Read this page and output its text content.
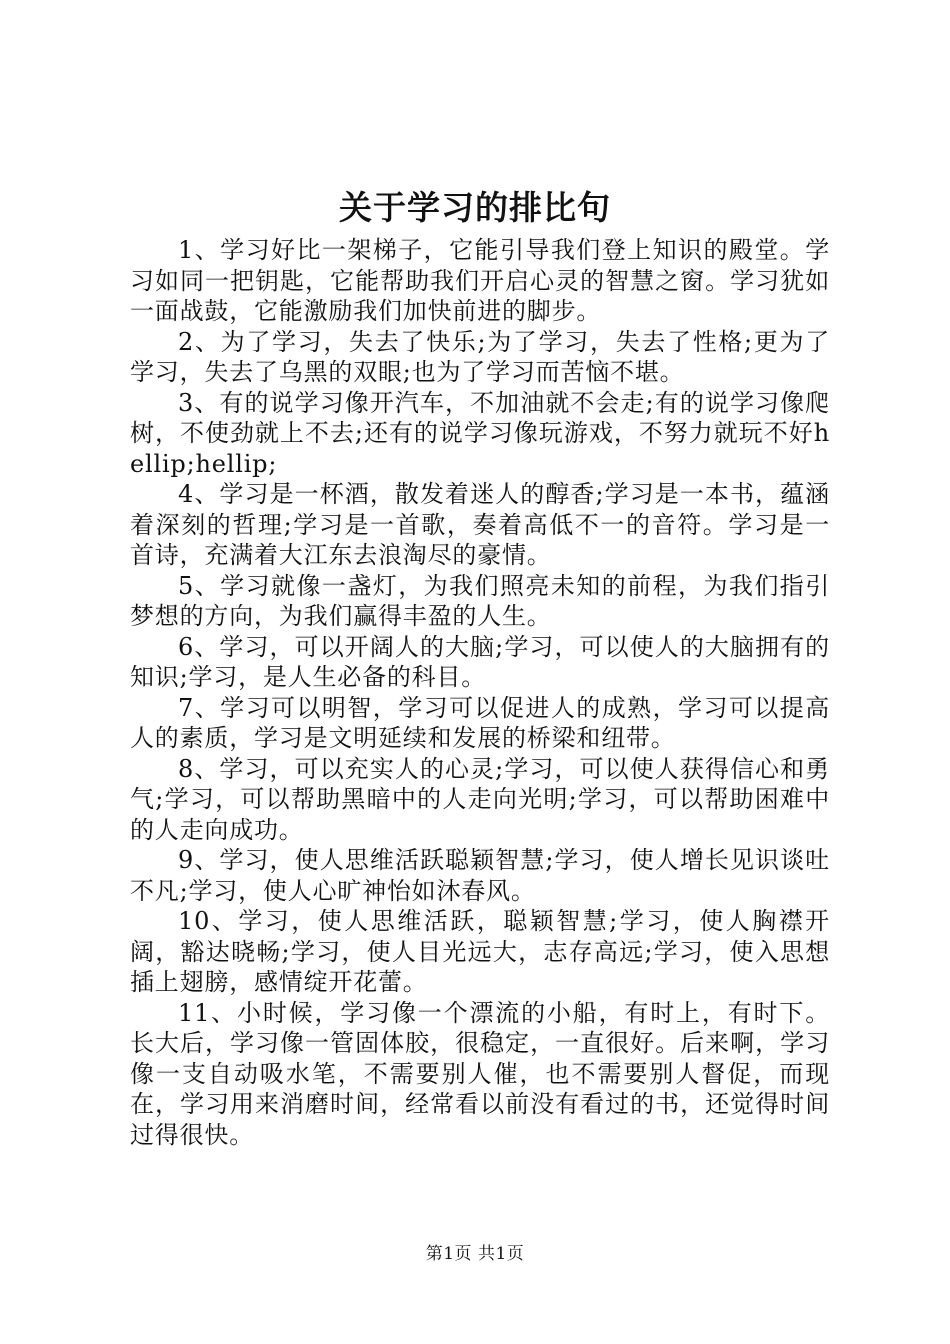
关于学习的排比句

1、学习好比一架梯子，它能引导我们登上知识的殿堂。学习如同一把钥匙，它能帮助我们开启心灵的智慧之窗。学习犹如一面战鼓，它能激励我们加快前进的脚步。

2、为了学习，失去了快乐;为了学习，失去了性格;更为了学习，失去了乌黑的双眼;也为了学习而苦恼不堪。

3、有的说学习像开汽车，不加油就不会走;有的说学习像爬树，不使劲就上不去;还有的说学习像玩游戏，不努力就玩不好hellip;hellip;

4、学习是一杯酒，散发着迷人的醇香;学习是一本书，蕴涵着深刻的哲理;学习是一首歌，奏着高低不一的音符。学习是一首诗，充满着大江东去浪淘尽的豪情。

5、学习就像一盏灯，为我们照亮未知的前程，为我们指引梦想的方向，为我们赢得丰盈的人生。

6、学习，可以开阔人的大脑;学习，可以使人的大脑拥有的知识;学习，是人生必备的科目。

7、学习可以明智，学习可以促进人的成熟，学习可以提高人的素质，学习是文明延续和发展的桥梁和纽带。

8、学习，可以充实人的心灵;学习，可以使人获得信心和勇气;学习，可以帮助黑暗中的人走向光明;学习，可以帮助困难中的人走向成功。

9、学习，使人思维活跃聪颖智慧;学习，使人增长见识谈吐不凡;学习，使人心旷神怡如沐春风。

10、学习，使人思维活跃，聪颖智慧;学习，使人胸襟开阔，豁达晓畅;学习，使人目光远大，志存高远;学习，使入思想插上翅膀，感情绽开花蕾。

11、小时候，学习像一个漂流的小船，有时上，有时下。长大后，学习像一管固体胶，很稳定，一直很好。后来啊，学习像一支自动吸水笔，不需要别人催，也不需要别人督促，而现在，学习用来消磨时间，经常看以前没有看过的书，还觉得时间过得很快。

第1页 共1页
